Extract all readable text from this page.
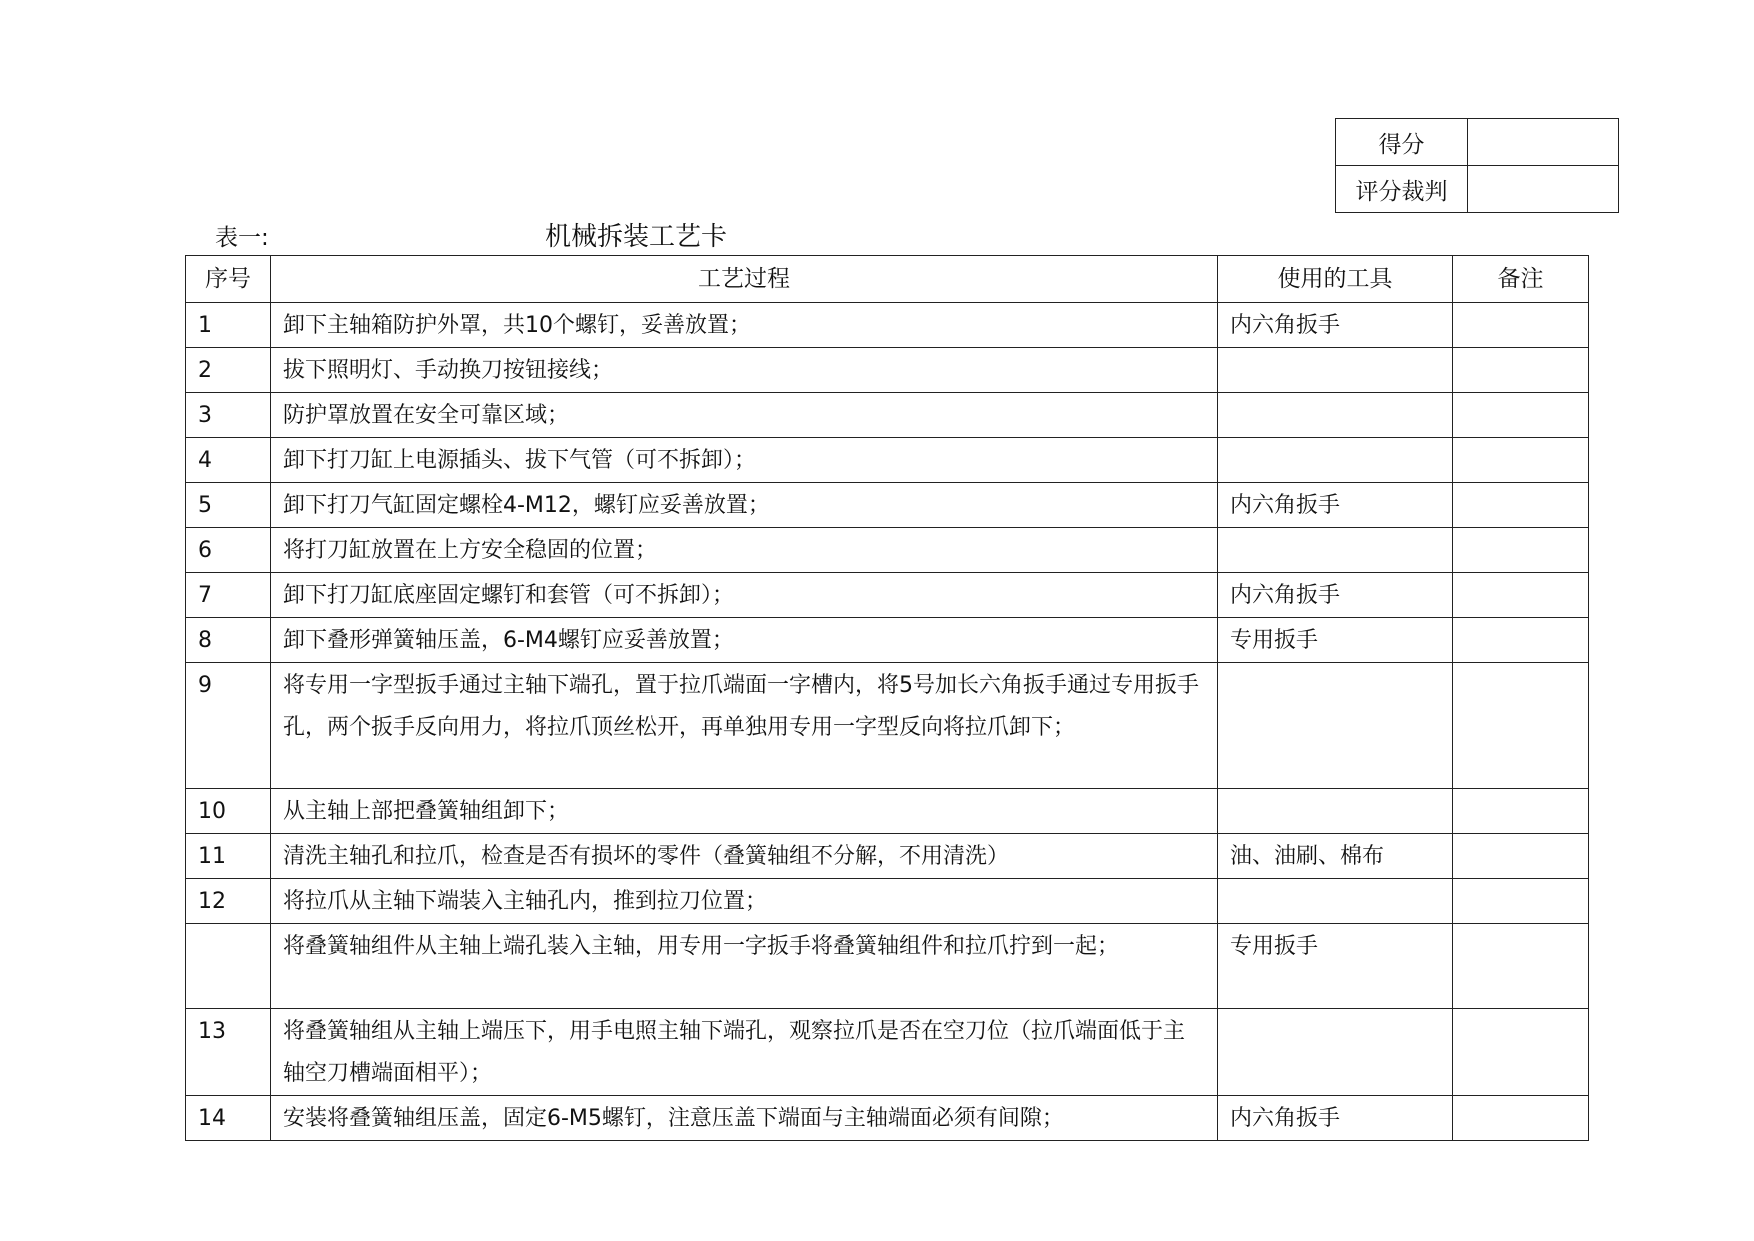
得分	
评分裁判	
表一:	机械拆装工艺卡
序号	工艺过程	使用的工具	备注
1	卸下主轴箱防护外罩，共10个螺钉，妥善放置；	内六角扳手	
2	拔下照明灯、手动换刀按钮接线；		
3	防护罩放置在安全可靠区域；		
4	卸下打刀缸上电源插头、拔下气管（可不拆卸）；		
5	卸下打刀气缸固定螺栓4-M12，螺钉应妥善放置；	内六角扳手	
6	将打刀缸放置在上方安全稳固的位置；		
7	卸下打刀缸底座固定螺钉和套管（可不拆卸）；	内六角扳手	
8	卸下叠形弹簧轴压盖，6-M4螺钉应妥善放置；	专用扳手	
9	将专用一字型扳手通过主轴下端孔，置于拉爪端面一字槽内，将5号加长六角扳手通过专用扳手孔，两个扳手反向用力，将拉爪顶丝松开，再单独用专用一字型反向将拉爪卸下；		
10	从主轴上部把叠簧轴组卸下；		
11	清洗主轴孔和拉爪，检查是否有损坏的零件（叠簧轴组不分解，不用清洗）	油、油刷、棉布	
12	将拉爪从主轴下端装入主轴孔内，推到拉刀位置；		
	将叠簧轴组件从主轴上端孔装入主轴，用专用一字扳手将叠簧轴组件和拉爪拧到一起；	专用扳手	
13	将叠簧轴组从主轴上端压下，用手电照主轴下端孔，观察拉爪是否在空刀位（拉爪端面低于主轴空刀槽端面相平）；		
14	安装将叠簧轴组压盖，固定6-M5螺钉，注意压盖下端面与主轴端面必须有间隙；	内六角扳手	
